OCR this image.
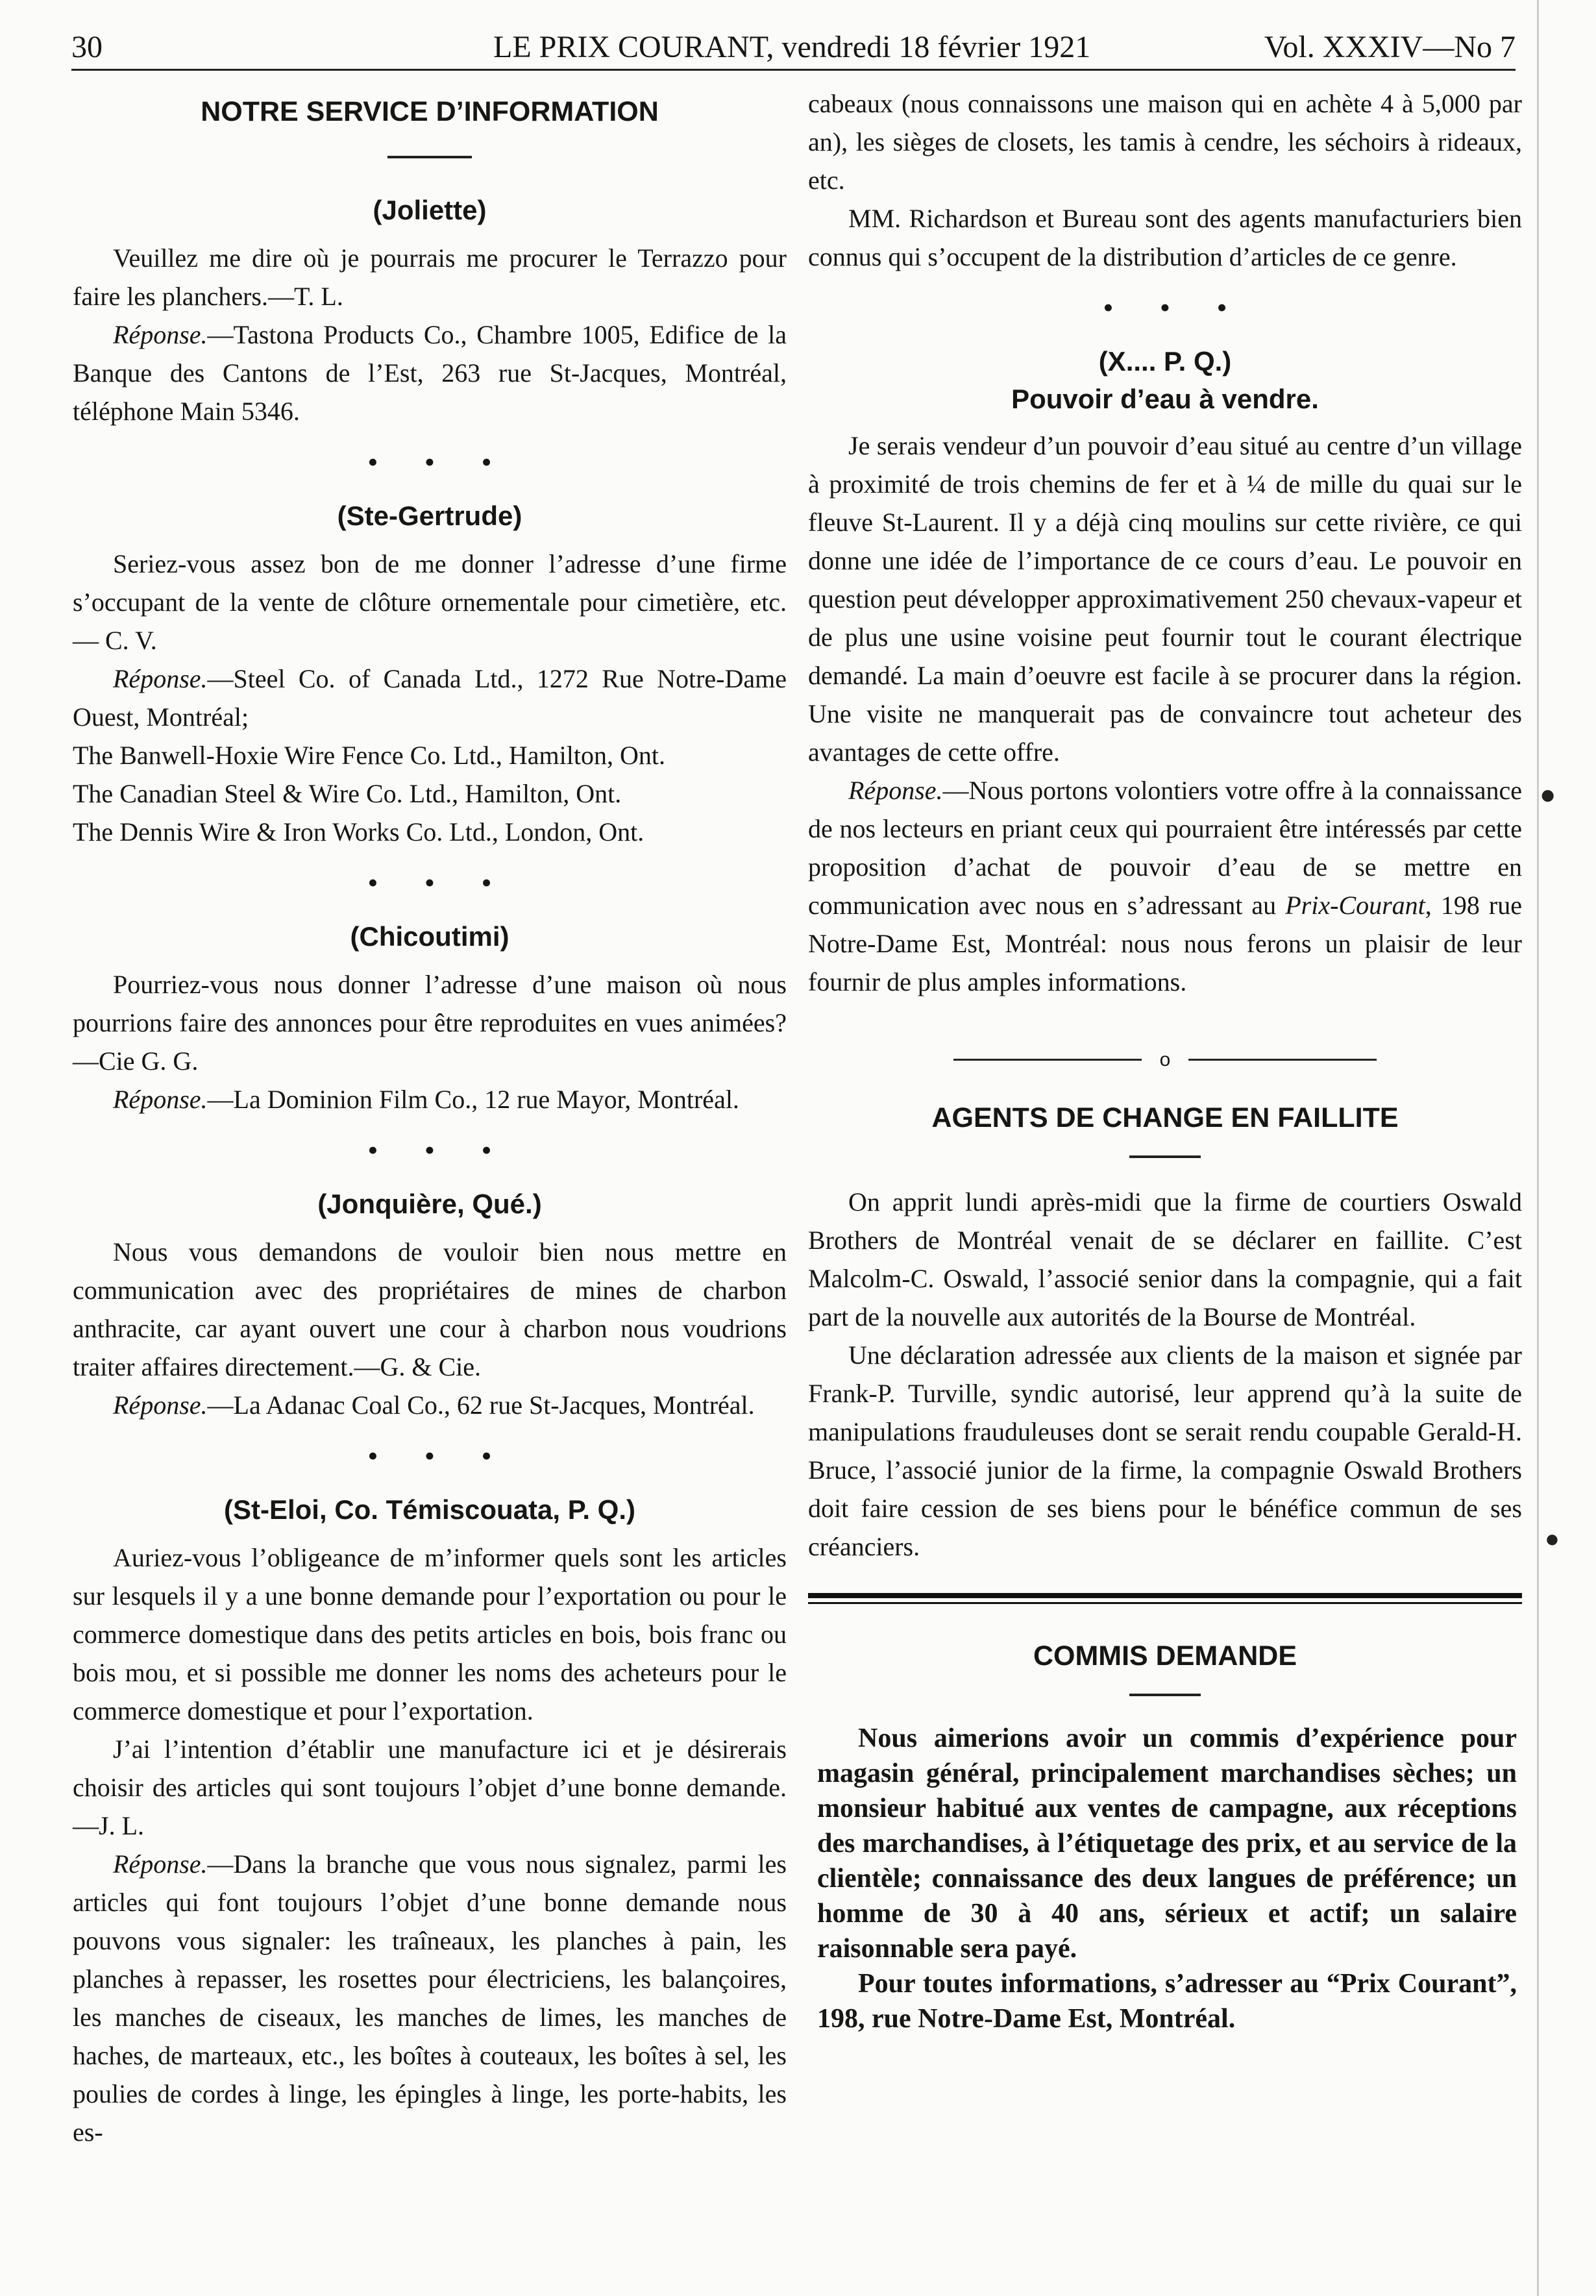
30	LE PRIX COURANT, vendredi 18 février 1921	Vol. XXXIV—No 7
NOTRE SERVICE D’INFORMATION
(Joliette)

Veuillez me dire où je pourrais me procurer le Terrazzo pour faire les planchers.—T. L.

Réponse.—Tastona Products Co., Chambre 1005, Edifice de la Banque des Cantons de l’Est, 263 rue St-Jacques, Montréal, téléphone Main 5346.

• • •
(Ste-Gertrude)

Seriez-vous assez bon de me donner l’adresse d’une firme s’occupant de la vente de clôture ornementale pour cimetière, etc. — C. V.

Réponse.—Steel Co. of Canada Ltd., 1272 Rue Notre-Dame Ouest, Montréal;

The Banwell-Hoxie Wire Fence Co. Ltd., Hamilton, Ont.

The Canadian Steel & Wire Co. Ltd., Hamilton, Ont.

The Dennis Wire & Iron Works Co. Ltd., London, Ont.

• • •
(Chicoutimi)

Pourriez-vous nous donner l’adresse d’une maison où nous pourrions faire des annonces pour être reproduites en vues animées?—Cie G. G.

Réponse.—La Dominion Film Co., 12 rue Mayor, Montréal.

• • •
(Jonquière, Qué.)

Nous vous demandons de vouloir bien nous mettre en communication avec des propriétaires de mines de charbon anthracite, car ayant ouvert une cour à charbon nous voudrions traiter affaires directement.—G. & Cie.

Réponse.—La Adanac Coal Co., 62 rue St-Jacques, Montréal.

• • •
(St-Eloi, Co. Témiscouata, P. Q.)

Auriez-vous l’obligeance de m’informer quels sont les articles sur lesquels il y a une bonne demande pour l’exportation ou pour le commerce domestique dans des petits articles en bois, bois franc ou bois mou, et si possible me donner les noms des acheteurs pour le commerce domestique et pour l’exportation.

J’ai l’intention d’établir une manufacture ici et je désirerais choisir des articles qui sont toujours l’objet d’une bonne demande.—J. L.

Réponse.—Dans la branche que vous nous signalez, parmi les articles qui font toujours l’objet d’une bonne demande nous pouvons vous signaler: les traîneaux, les planches à pain, les planches à repasser, les rosettes pour électriciens, les balançoires, les manches de ciseaux, les manches de limes, les manches de haches, de marteaux, etc., les boîtes à couteaux, les boîtes à sel, les poulies de cordes à linge, les épingles à linge, les porte-habits, les es-

cabeaux (nous connaissons une maison qui en achète 4 à 5,000 par an), les sièges de closets, les tamis à cendre, les séchoirs à rideaux, etc.

MM. Richardson et Bureau sont des agents manufacturiers bien connus qui s’occupent de la distribution d’articles de ce genre.

• • •
(X.... P. Q.)
Pouvoir d’eau à vendre.

Je serais vendeur d’un pouvoir d’eau situé au centre d’un village à proximité de trois chemins de fer et à ¼ de mille du quai sur le fleuve St-Laurent. Il y a déjà cinq moulins sur cette rivière, ce qui donne une idée de l’importance de ce cours d’eau. Le pouvoir en question peut développer approximativement 250 chevaux-vapeur et de plus une usine voisine peut fournir tout le courant électrique demandé. La main d’oeuvre est facile à se procurer dans la région. Une visite ne manquerait pas de convaincre tout acheteur des avantages de cette offre.

Réponse.—Nous portons volontiers votre offre à la connaissance de nos lecteurs en priant ceux qui pourraient être intéressés par cette proposition d’achat de pouvoir d’eau de se mettre en communication avec nous en s’adressant au Prix-Courant, 198 rue Notre-Dame Est, Montréal: nous nous ferons un plaisir de leur fournir de plus amples informations.

o
AGENTS DE CHANGE EN FAILLITE

On apprit lundi après-midi que la firme de courtiers Oswald Brothers de Montréal venait de se déclarer en faillite. C’est Malcolm-C. Oswald, l’associé senior dans la compagnie, qui a fait part de la nouvelle aux autorités de la Bourse de Montréal.

Une déclaration adressée aux clients de la maison et signée par Frank-P. Turville, syndic autorisé, leur apprend qu’à la suite de manipulations frauduleuses dont se serait rendu coupable Gerald-H. Bruce, l’associé junior de la firme, la compagnie Oswald Brothers doit faire cession de ses biens pour le bénéfice commun de ses créanciers.

COMMIS DEMANDE

Nous aimerions avoir un commis d’expérience pour magasin général, principalement marchandises sèches; un monsieur habitué aux ventes de campagne, aux réceptions des marchandises, à l’étiquetage des prix, et au service de la clientèle; connaissance des deux langues de préférence; un homme de 30 à 40 ans, sérieux et actif; un salaire raisonnable sera payé.

Pour toutes informations, s’adresser au “Prix Courant”, 198, rue Notre-Dame Est, Montréal.

●
●
